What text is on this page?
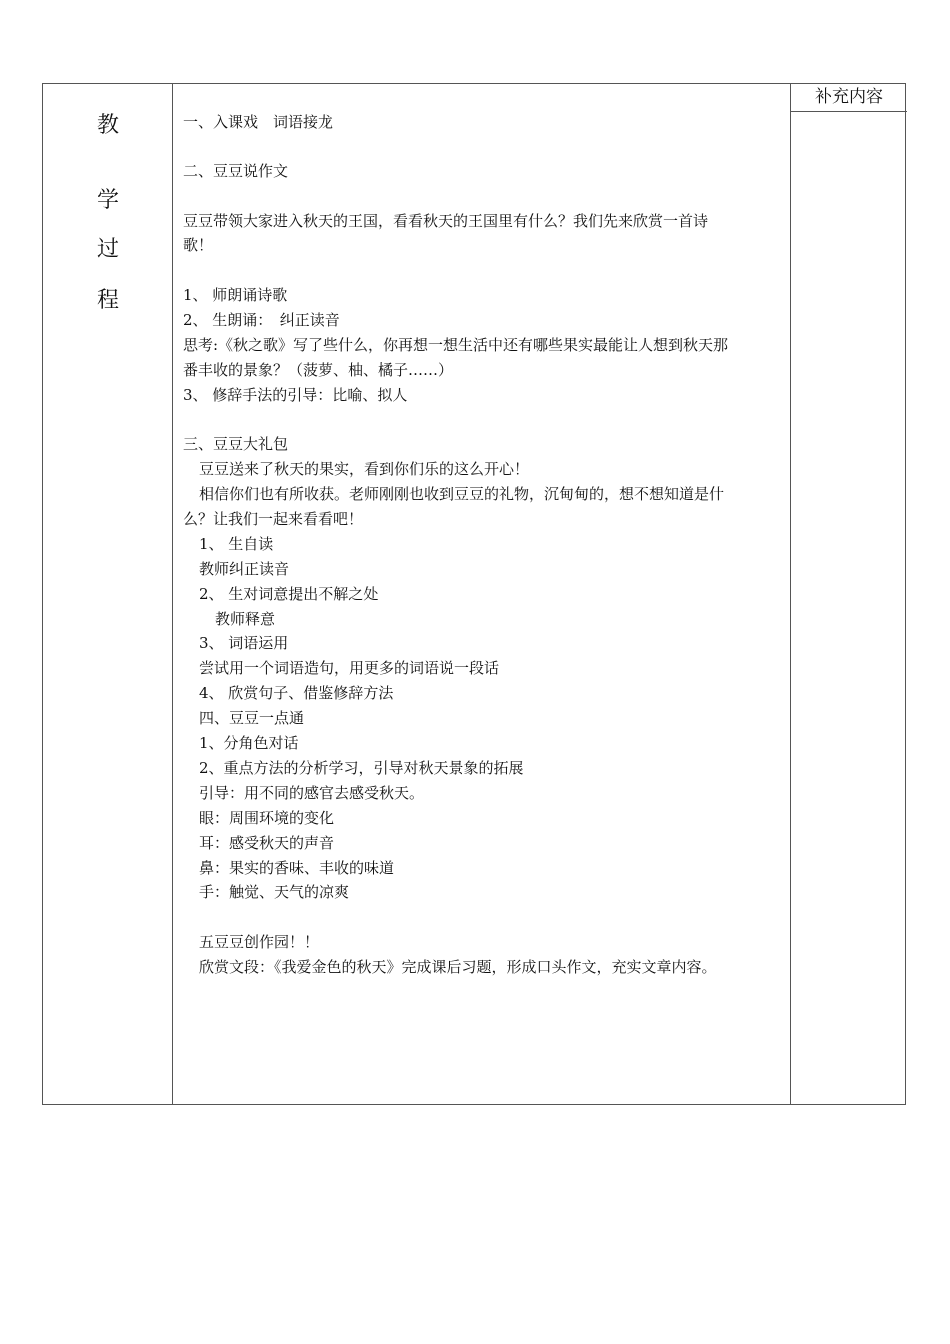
教
学
过
程
补充内容
一、入课戏　词语接龙
二、豆豆说作文
豆豆带领大家进入秋天的王国，看看秋天的王国里有什么？我们先来欣赏一首诗
歌！
1、 师朗诵诗歌
2、 生朗诵：　纠正读音
思考:《秋之歌》写了些什么，你再想一想生活中还有哪些果实最能让人想到秋天那
番丰收的景象？（菠萝、柚、橘子……）
3、 修辞手法的引导：比喻、拟人
三、豆豆大礼包
豆豆送来了秋天的果实，看到你们乐的这么开心！
相信你们也有所收获。老师刚刚也收到豆豆的礼物，沉甸甸的，想不想知道是什
么？让我们一起来看看吧！
1、 生自读
教师纠正读音
2、 生对词意提出不解之处
教师释意
3、 词语运用
尝试用一个词语造句，用更多的词语说一段话
4、 欣赏句子、借鉴修辞方法
四、豆豆一点通
1、分角色对话
2、重点方法的分析学习，引导对秋天景象的拓展
引导：用不同的感官去感受秋天。
眼：周围环境的变化
耳：感受秋天的声音
鼻：果实的香味、丰收的味道
手：触觉、天气的凉爽
五豆豆创作园！！
欣赏文段：《我爱金色的秋天》完成课后习题，形成口头作文，充实文章内容。
